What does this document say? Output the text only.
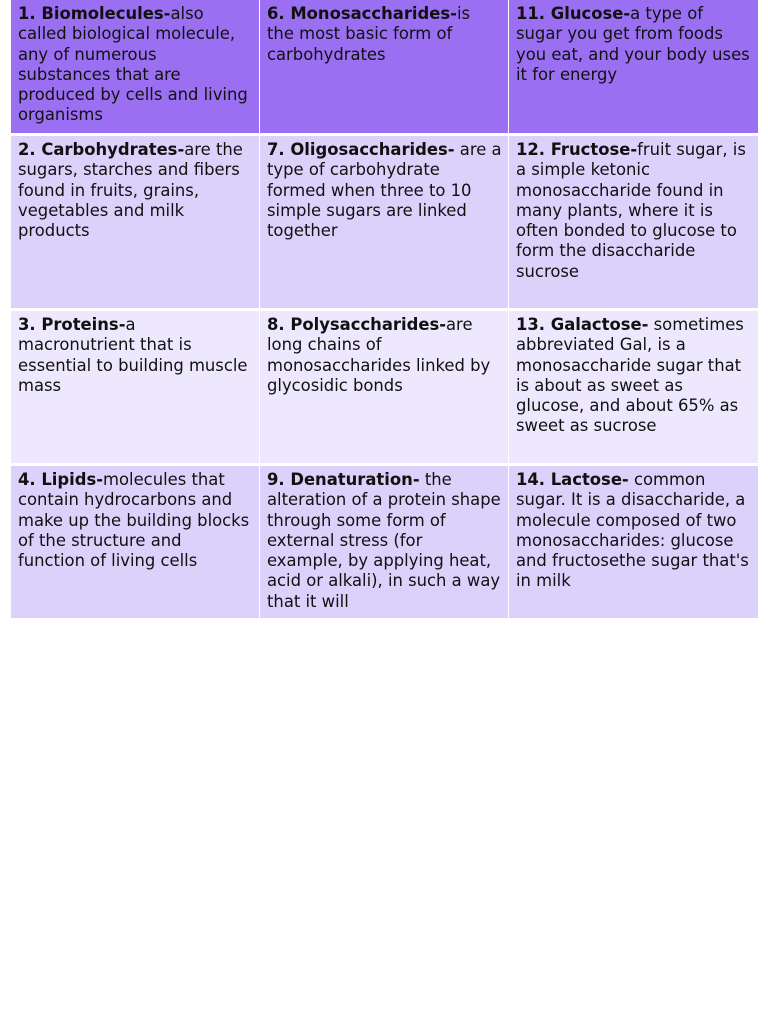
1. Biomolecules-also called biological molecule, any of numerous substances that are produced by cells and living organisms	6. Monosaccharides-is the most basic form of carbohydrates	11. Glucose-a type of sugar you get from foods you eat, and your body uses it for energy
2. Carbohydrates-are the sugars, starches and fibers found in fruits, grains, vegetables and milk products	7. Oligosaccharides- are a type of carbohydrate formed when three to 10 simple sugars are linked together	12. Fructose-fruit sugar, is a simple ketonic monosaccharide found in many plants, where it is often bonded to glucose to form the disaccharide sucrose
3. Proteins-a macronutrient that is essential to building muscle mass	8. Polysaccharides-are long chains of monosaccharides linked by glycosidic bonds	13. Galactose- sometimes abbreviated Gal, is a monosaccharide sugar that is about as sweet as glucose, and about 65% as sweet as sucrose
4. Lipids-molecules that contain hydrocarbons and make up the building blocks of the structure and function of living cells	9. Denaturation- the alteration of a protein shape through some form of external stress (for example, by applying heat, acid or alkali), in such a way that it will	14. Lactose- common sugar. It is a disaccharide, a molecule composed of two monosaccharides: glucose and fructosethe sugar that's in milk
